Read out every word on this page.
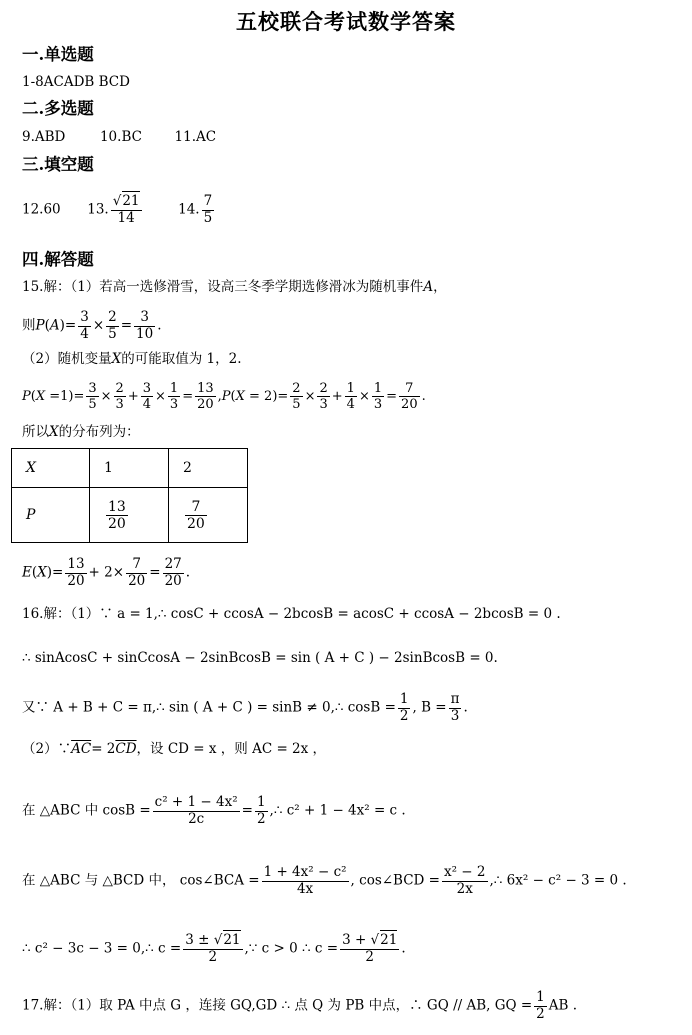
五校联合考试数学答案
一.单选题
1-8ACADB BCD
二.多选题
9.ABD	10.BC 11.AC
三.填空题
12.60 13. $\frac{√21}{14}$	14. $\frac{7}{5}$
四.解答题
15.解：（1）若高一选修滑雪，设高三冬季学期选修滑冰为随机事件A，
则$P(A)= \frac{3}{4} \times \frac{2}{5} = \frac{3}{10}$ .
（2）随机变量X的可能取值为 1，2.
$P(X =1)= \frac{3}{5} \times \frac{2}{3} + \frac{3}{4} \times \frac{1}{3} = \frac{13}{20} ,P(X = 2)= \frac{2}{5} \times \frac{2}{3} + \frac{1}{4} \times \frac{1}{3} = \frac{7}{20}$ .
所以X的分布列为：
X	1	2
P	$\frac{13}{20}$	$\frac{7}{20}$
$E(X)= \frac{13}{20} + 2\times \frac{7}{20} = \frac{27}{20}$ .
16.解：（1）∵ a = 1,∴ cosC + ccosA − 2bcosB = acosC + ccosA − 2bcosB = 0 .
∴ sinAcosC + sinCcosA − 2sinBcosB = sin ( A + C ) − 2sinBcosB = 0.
又∵ A + B + C = π,∴ sin ( A + C ) = sinB ≠ 0,∴ $\cos B = \frac{1}{2}$ , $B = \frac{\pi}{3}$ .
$(2)\because\overline{AC}= 2\overline{CD}$，设 CD = x ，则 AC = 2x ，
在 △ABC 中 $\cos B = \frac{\text{c² + 1 − 4x²}}{2c} = \frac{1}{2}$ ,∴ c² + 1 − 4x² = c .
在 △ABC 与 △BCD 中， cos∠BCA = $\frac{\text{1 + 4x² − c²}}{4x}$ , cos∠BCD = $\frac{\text{x² − 2}}{2x}$ ,∴ 6x² − c² − 3 = 0 .
∴ c² − 3c − 3 = 0,∴ $c = \frac{3 \pm √21}{2}$ ,∵ c > 0 ∴ $c = \frac{3 + √21}{2}$ .
17.解：（1）取 PA 中点 G ，连接 GQ,GD ∴ 点 Q 为 PB 中点，∴ GQ // AB, GQ = $\frac{1}{2}$ AB .
